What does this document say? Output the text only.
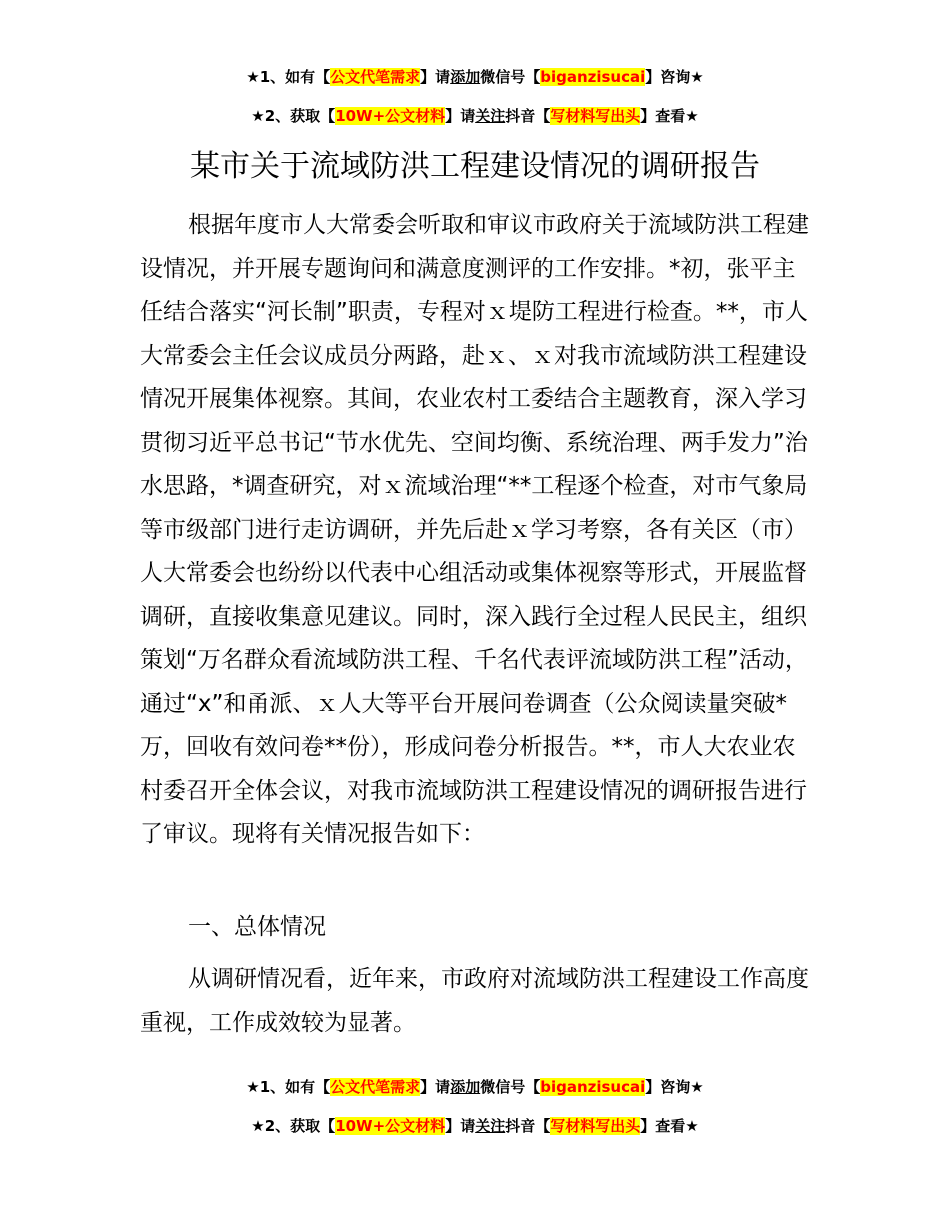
★1、如有【公文代笔需求】请添加微信号【biganzisucai】咨询★
★2、获取【10W+公文材料】请关注抖音【写材料写出头】查看★
某市关于流域防洪工程建设情况的调研报告

根据年度市人大常委会听取和审议市政府关于流域防洪工程建设情况，并开展专题询问和满意度测评的工作安排。*初，张平主任结合落实“河长制”职责，专程对ｘ堤防工程进行检查。**，市人大常委会主任会议成员分两路，赴ｘ、ｘ对我市流域防洪工程建设情况开展集体视察。其间，农业农村工委结合主题教育，深入学习贯彻习近平总书记“节水优先、空间均衡、系统治理、两手发力”治水思路，*调查研究，对ｘ流域治理“**工程逐个检查，对市气象局等市级部门进行走访调研，并先后赴ｘ学习考察，各有关区（市）人大常委会也纷纷以代表中心组活动或集体视察等形式，开展监督调研，直接收集意见建议。同时，深入践行全过程人民民主，组织策划“万名群众看流域防洪工程、千名代表评流域防洪工程”活动，通过“x”和甬派、ｘ人大等平台开展问卷调查（公众阅读量突破*万，回收有效问卷**份），形成问卷分析报告。**，市人大农业农村委召开全体会议，对我市流域防洪工程建设情况的调研报告进行了审议。现将有关情况报告如下：

一、总体情况

从调研情况看，近年来，市政府对流域防洪工程建设工作高度重视，工作成效较为显著。

★1、如有【公文代笔需求】请添加微信号【biganzisucai】咨询★
★2、获取【10W+公文材料】请关注抖音【写材料写出头】查看★
